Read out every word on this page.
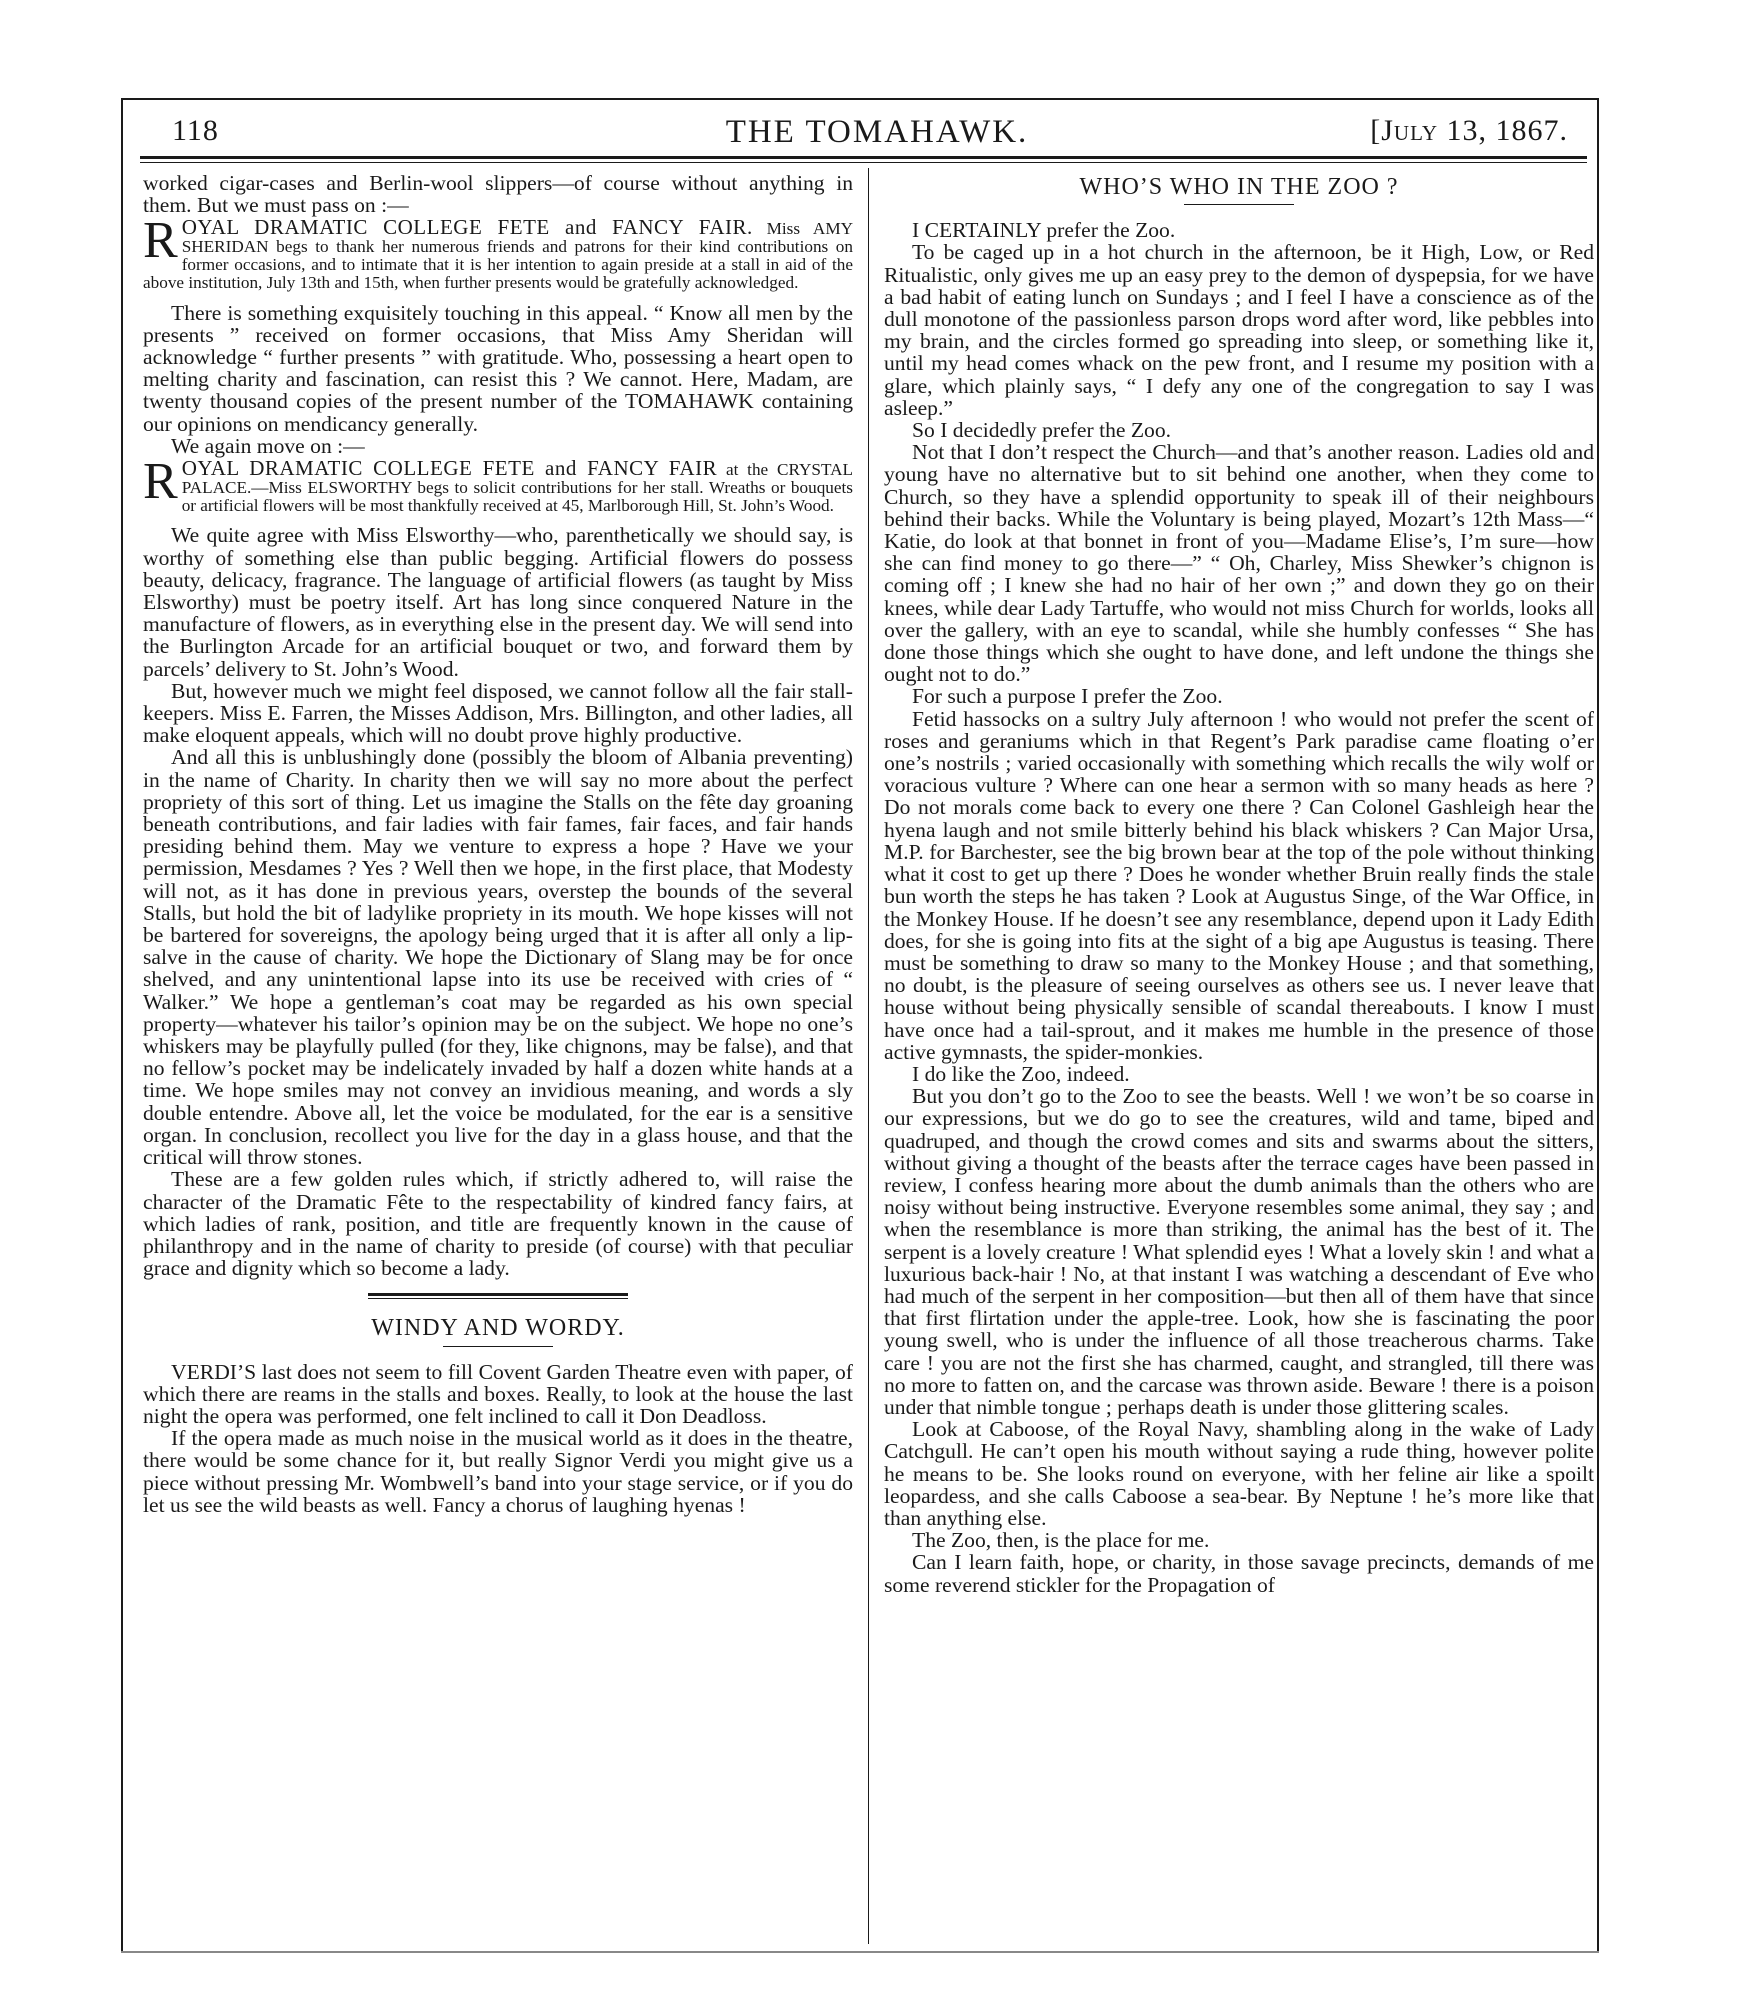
118	THE TOMAHAWK.	[July 13, 1867.

worked cigar-cases and Berlin-wool slippers—of course without anything in them. But we must pass on :—

R OYAL DRAMATIC COLLEGE FETE and FANCY FAIR. Miss AMY SHERIDAN begs to thank her numerous friends and patrons for their kind contributions on former occasions, and to intimate that it is her intention to again preside at a stall in aid of the above institution, July 13th and 15th, when further presents would be gratefully acknowledged.

There is something exquisitely touching in this appeal. “ Know all men by the presents ” received on former occasions, that Miss Amy Sheridan will acknowledge “ further presents ” with gratitude. Who, possessing a heart open to melting charity and fascination, can resist this ? We cannot. Here, Madam, are twenty thousand copies of the present number of the TOMAHAWK containing our opinions on mendicancy generally.

We again move on :—

R OYAL DRAMATIC COLLEGE FETE and FANCY FAIR at the CRYSTAL PALACE.—Miss ELSWORTHY begs to solicit contributions for her stall. Wreaths or bouquets or artificial flowers will be most thankfully received at 45, Marlborough Hill, St. John’s Wood.

We quite agree with Miss Elsworthy—who, parenthetically we should say, is worthy of something else than public begging. Artificial flowers do possess beauty, delicacy, fragrance. The language of artificial flowers (as taught by Miss Elsworthy) must be poetry itself. Art has long since conquered Nature in the manufacture of flowers, as in everything else in the present day. We will send into the Burlington Arcade for an artificial bouquet or two, and forward them by parcels’ delivery to St. John’s Wood.

But, however much we might feel disposed, we cannot follow all the fair stall-keepers. Miss E. Farren, the Misses Addison, Mrs. Billington, and other ladies, all make eloquent appeals, which will no doubt prove highly productive.

And all this is unblushingly done (possibly the bloom of Albania preventing) in the name of Charity. In charity then we will say no more about the perfect propriety of this sort of thing. Let us imagine the Stalls on the fête day groaning beneath contributions, and fair ladies with fair fames, fair faces, and fair hands presiding behind them. May we venture to express a hope ? Have we your permission, Mesdames ? Yes ? Well then we hope, in the first place, that Modesty will not, as it has done in previous years, overstep the bounds of the several Stalls, but hold the bit of ladylike propriety in its mouth. We hope kisses will not be bartered for sovereigns, the apology being urged that it is after all only a lip-salve in the cause of charity. We hope the Dictionary of Slang may be for once shelved, and any unintentional lapse into its use be received with cries of “ Walker.” We hope a gentleman’s coat may be regarded as his own special property—whatever his tailor’s opinion may be on the subject. We hope no one’s whiskers may be playfully pulled (for they, like chignons, may be false), and that no fellow’s pocket may be indelicately invaded by half a dozen white hands at a time. We hope smiles may not convey an invidious meaning, and words a sly double entendre. Above all, let the voice be modulated, for the ear is a sensitive organ. In conclusion, recollect you live for the day in a glass house, and that the critical will throw stones.

These are a few golden rules which, if strictly adhered to, will raise the character of the Dramatic Fête to the respectability of kindred fancy fairs, at which ladies of rank, position, and title are frequently known in the cause of philanthropy and in the name of charity to preside (of course) with that peculiar grace and dignity which so become a lady.

WINDY AND WORDY.

VERDI’S last does not seem to fill Covent Garden Theatre even with paper, of which there are reams in the stalls and boxes. Really, to look at the house the last night the opera was performed, one felt inclined to call it Don Deadloss.

If the opera made as much noise in the musical world as it does in the theatre, there would be some chance for it, but really Signor Verdi you might give us a piece without pressing Mr. Wombwell’s band into your stage service, or if you do let us see the wild beasts as well. Fancy a chorus of laughing hyenas !

WHO’S WHO IN THE ZOO ?

I CERTAINLY prefer the Zoo.

To be caged up in a hot church in the afternoon, be it High, Low, or Red Ritualistic, only gives me up an easy prey to the demon of dyspepsia, for we have a bad habit of eating lunch on Sundays ; and I feel I have a conscience as of the dull monotone of the passionless parson drops word after word, like pebbles into my brain, and the circles formed go spreading into sleep, or something like it, until my head comes whack on the pew front, and I resume my position with a glare, which plainly says, “ I defy any one of the congregation to say I was asleep.”

So I decidedly prefer the Zoo.

Not that I don’t respect the Church—and that’s another reason. Ladies old and young have no alternative but to sit behind one another, when they come to Church, so they have a splendid opportunity to speak ill of their neighbours behind their backs. While the Voluntary is being played, Mozart’s 12th Mass—“ Katie, do look at that bonnet in front of you—Madame Elise’s, I’m sure—how she can find money to go there—” “ Oh, Charley, Miss Shewker’s chignon is coming off ; I knew she had no hair of her own ;” and down they go on their knees, while dear Lady Tartuffe, who would not miss Church for worlds, looks all over the gallery, with an eye to scandal, while she humbly confesses “ She has done those things which she ought to have done, and left undone the things she ought not to do.”

For such a purpose I prefer the Zoo.

Fetid hassocks on a sultry July afternoon ! who would not prefer the scent of roses and geraniums which in that Regent’s Park paradise came floating o’er one’s nostrils ; varied occasionally with something which recalls the wily wolf or voracious vulture ? Where can one hear a sermon with so many heads as here ? Do not morals come back to every one there ? Can Colonel Gashleigh hear the hyena laugh and not smile bitterly behind his black whiskers ? Can Major Ursa, M.P. for Barchester, see the big brown bear at the top of the pole without thinking what it cost to get up there ? Does he wonder whether Bruin really finds the stale bun worth the steps he has taken ? Look at Augustus Singe, of the War Office, in the Monkey House. If he doesn’t see any resemblance, depend upon it Lady Edith does, for she is going into fits at the sight of a big ape Augustus is teasing. There must be something to draw so many to the Monkey House ; and that something, no doubt, is the pleasure of seeing ourselves as others see us. I never leave that house without being physically sensible of scandal thereabouts. I know I must have once had a tail-sprout, and it makes me humble in the presence of those active gymnasts, the spider-monkies.

I do like the Zoo, indeed.

But you don’t go to the Zoo to see the beasts. Well ! we won’t be so coarse in our expressions, but we do go to see the creatures, wild and tame, biped and quadruped, and though the crowd comes and sits and swarms about the sitters, without giving a thought of the beasts after the terrace cages have been passed in review, I confess hearing more about the dumb animals than the others who are noisy without being instructive. Everyone resembles some animal, they say ; and when the resemblance is more than striking, the animal has the best of it. The serpent is a lovely creature ! What splendid eyes ! What a lovely skin ! and what a luxurious back-hair ! No, at that instant I was watching a descendant of Eve who had much of the serpent in her composition—but then all of them have that since that first flirtation under the apple-tree. Look, how she is fascinating the poor young swell, who is under the influence of all those treacherous charms. Take care ! you are not the first she has charmed, caught, and strangled, till there was no more to fatten on, and the carcase was thrown aside. Beware ! there is a poison under that nimble tongue ; perhaps death is under those glittering scales.

Look at Caboose, of the Royal Navy, shambling along in the wake of Lady Catchgull. He can’t open his mouth without saying a rude thing, however polite he means to be. She looks round on everyone, with her feline air like a spoilt leopardess, and she calls Caboose a sea-bear. By Neptune ! he’s more like that than anything else.

The Zoo, then, is the place for me.

Can I learn faith, hope, or charity, in those savage precincts, demands of me some reverend stickler for the Propagation of
